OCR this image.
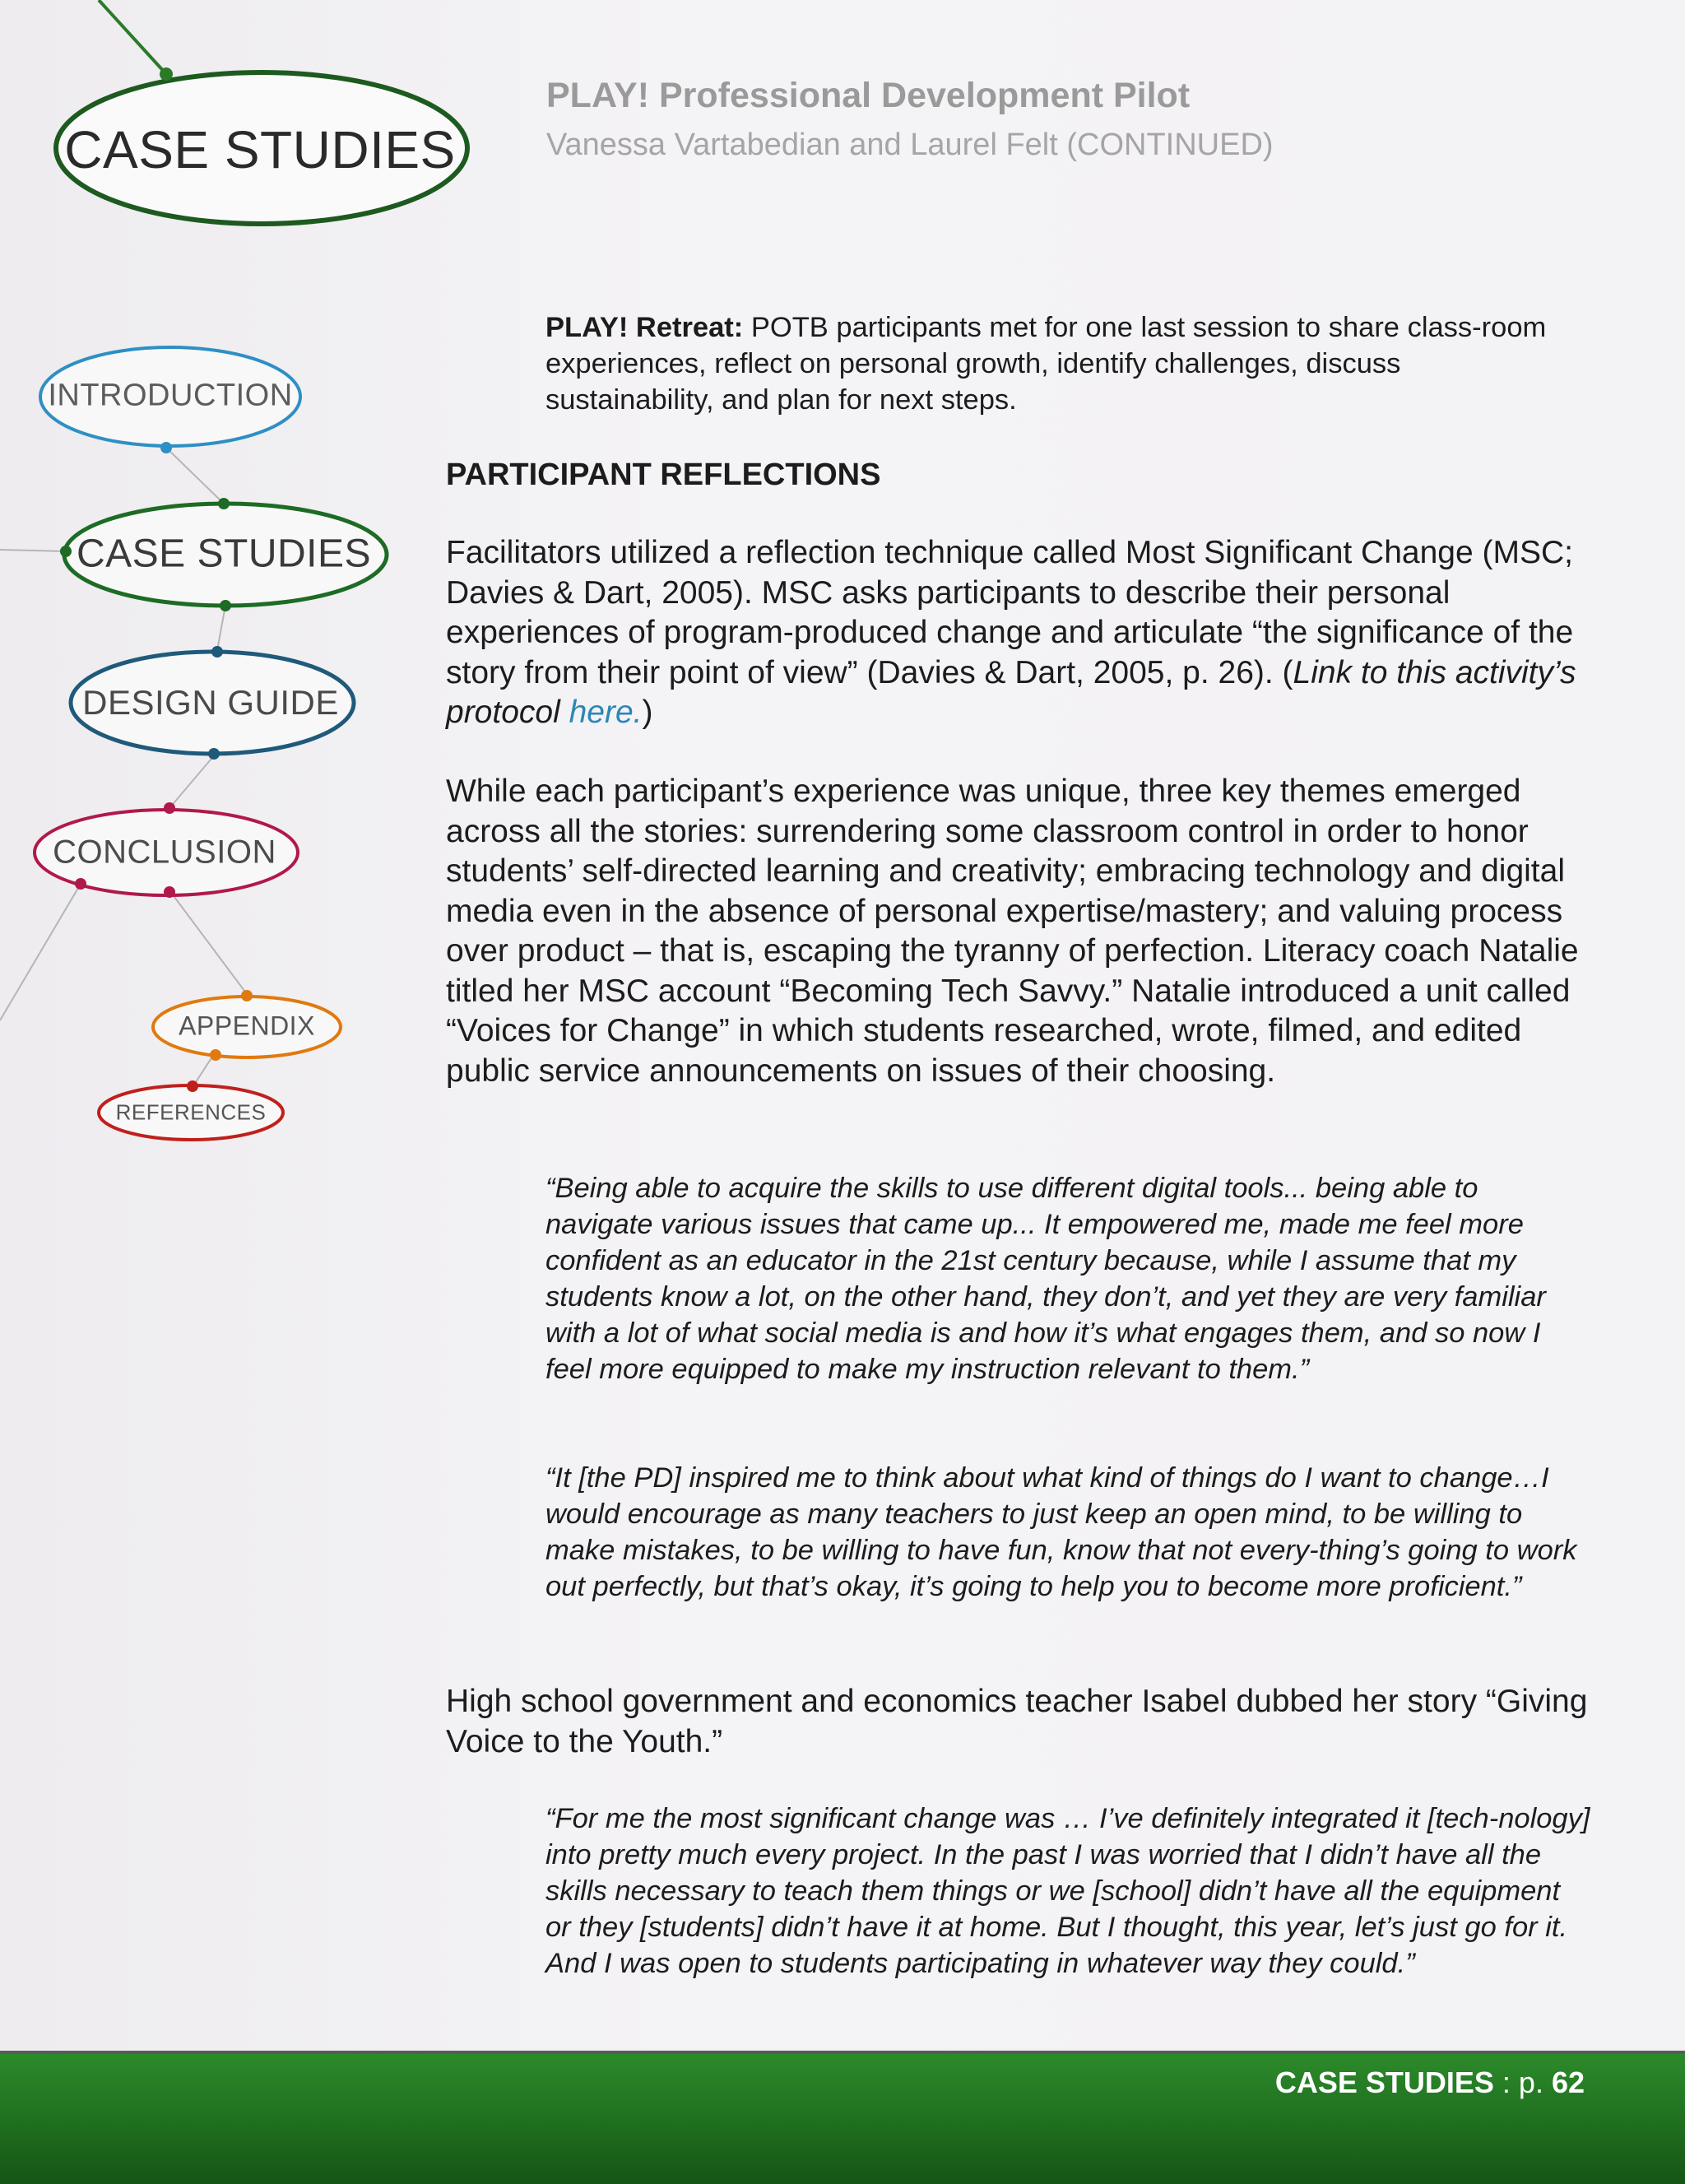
CASE STUDIES
INTRODUCTION
CASE STUDIES
DESIGN GUIDE
CONCLUSION
APPENDIX
REFERENCES
PLAY! Professional Development Pilot
Vanessa Vartabedian and Laurel Felt (CONTINUED)
PLAY! Retreat: POTB participants met for one last session to share class-room experiences, reflect on personal growth, identify challenges, discuss sustainability, and plan for next steps.
PARTICIPANT REFLECTIONS
Facilitators utilized a reflection technique called Most Significant Change (MSC; Davies & Dart, 2005). MSC asks participants to describe their personal experiences of program-produced change and articulate “the significance of the story from their point of view” (Davies & Dart, 2005, p. 26). (Link to this activity’s protocol here.)
While each participant’s experience was unique, three key themes emerged across all the stories: surrendering some classroom control in order to honor students’ self-directed learning and creativity; embracing technology and digital media even in the absence of personal expertise/mastery; and valuing process over product – that is, escaping the tyranny of perfection. Literacy coach Natalie titled her MSC account “Becoming Tech Savvy.” Natalie introduced a unit called “Voices for Change” in which students researched, wrote, filmed, and edited public service announcements on issues of their choosing.
“Being able to acquire the skills to use different digital tools... being able to navigate various issues that came up... It empowered me, made me feel more confident as an educator in the 21st century because, while I assume that my students know a lot, on the other hand, they don’t, and yet they are very familiar with a lot of what social media is and how it’s what engages them, and so now I feel more equipped to make my instruction relevant to them.”
“It [the PD] inspired me to think about what kind of things do I want to change…I would encourage as many teachers to just keep an open mind, to be willing to make mistakes, to be willing to have fun, know that not every-thing’s going to work out perfectly, but that’s okay, it’s going to help you to become more proficient.”
High school government and economics teacher Isabel dubbed her story “Giving Voice to the Youth.”
“For me the most significant change was … I’ve definitely integrated it [tech-nology] into pretty much every project. In the past I was worried that I didn’t have all the skills necessary to teach them things or we [school] didn’t have all the equipment or they [students] didn’t have it at home. But I thought, this year, let’s just go for it. And I was open to students participating in whatever way they could.”
CASE STUDIES : p. 62
